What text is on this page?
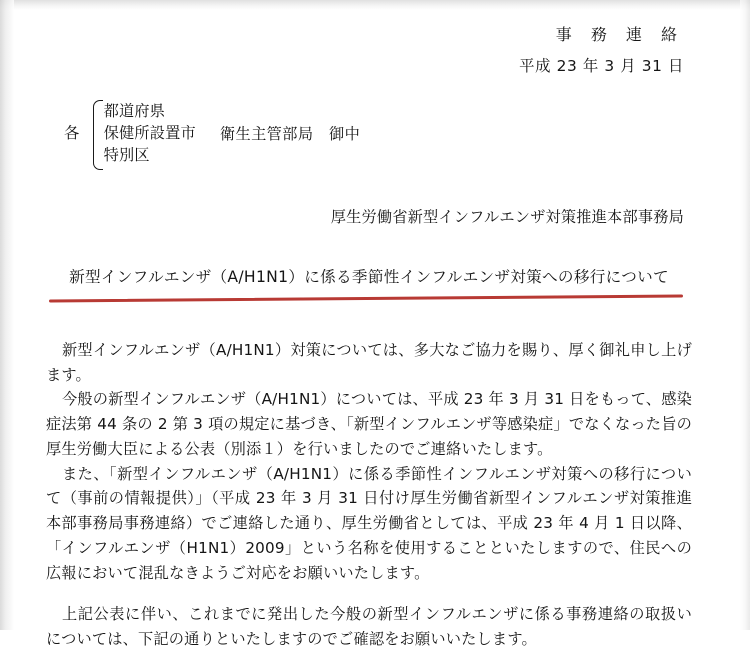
事 務 連 絡
平成 23 年 3 月 31 日
各
都道府県
保健所設置市
特別区
衛生主管部局　御中
厚生労働省新型インフルエンザ対策推進本部事務局
新型インフルエンザ（A/H1N1）に係る季節性インフルエンザ対策への移行について

新型インフルエンザ（A/H1N1）対策については、多大なご協力を賜り、厚く御礼申し上げます。

今般の新型インフルエンザ（A/H1N1）については、平成 23 年 3 月 31 日をもって、感染症法第 44 条の 2 第 3 項の規定に基づき、「新型インフルエンザ等感染症」でなくなった旨の厚生労働大臣による公表（別添１）を行いましたのでご連絡いたします。

また、「新型インフルエンザ（A/H1N1）に係る季節性インフルエンザ対策への移行について（事前の情報提供）」（平成 23 年 3 月 31 日付け厚生労働省新型インフルエンザ対策推進本部事務局事務連絡）でご連絡した通り、厚生労働省としては、平成 23 年 4 月 1 日以降、「インフルエンザ（H1N1）2009」という名称を使用することといたしますので、住民への広報において混乱なきようご対応をお願いいたします。

上記公表に伴い、これまでに発出した今般の新型インフルエンザに係る事務連絡の取扱いについては、下記の通りといたしますのでご確認をお願いいたします。
